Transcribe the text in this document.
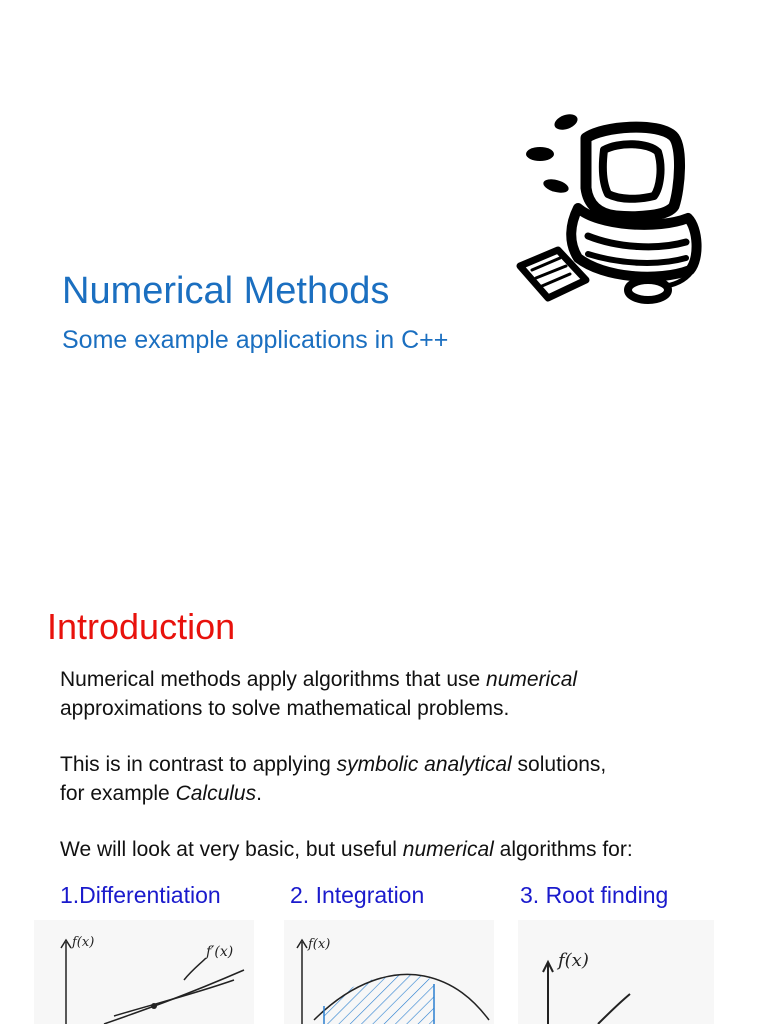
Numerical Methods
Some example applications in C++
Introduction
Numerical methods apply algorithms that use numerical
approximations to solve mathematical problems.
This is in contrast to applying symbolic analytical solutions,
for example Calculus.
We will look at very basic, but useful numerical algorithms for:
1.Differentiation	2. Integration	3. Root finding
f(x)
f′(x)	f(x)
f(x)
